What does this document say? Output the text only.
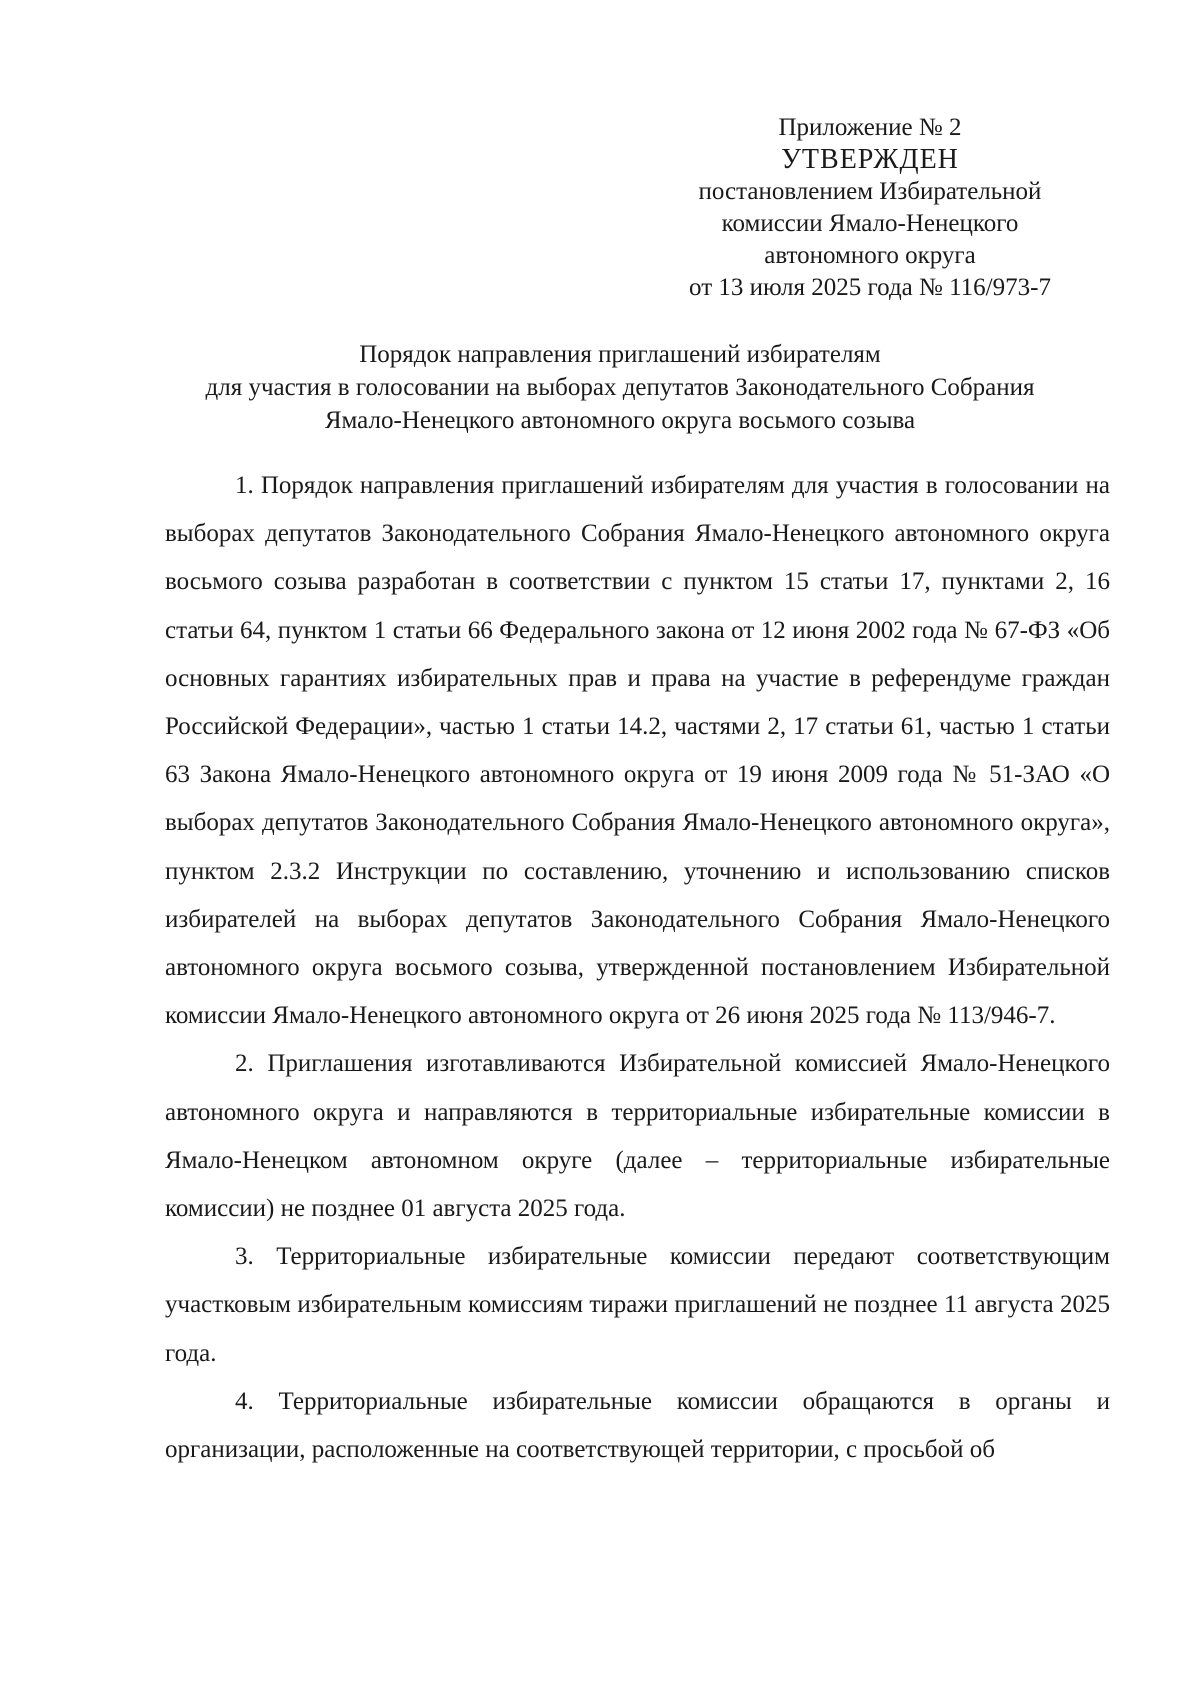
Приложение № 2
УТВЕРЖДЕН
постановлением Избирательной
комиссии Ямало-Ненецкого
автономного округа
от 13 июля 2025 года № 116/973-7
Порядок направления приглашений избирателям
для участия в голосовании на выборах депутатов Законодательного Собрания
Ямало-Ненецкого автономного округа восьмого созыва

1. Порядок направления приглашений избирателям для участия в голосовании на выборах депутатов Законодательного Собрания Ямало-Ненецкого автономного округа восьмого созыва разработан в соответствии с пунктом 15 статьи 17, пунктами 2, 16 статьи 64, пунктом 1 статьи 66 Федерального закона от 12 июня 2002 года № 67-ФЗ «Об основных гарантиях избирательных прав и права на участие в референдуме граждан Российской Федерации», частью 1 статьи 14.2, частями 2, 17 статьи 61, частью 1 статьи 63 Закона Ямало-Ненецкого автономного округа от 19 июня 2009 года № 51-ЗАО «О выборах депутатов Законодательного Собрания Ямало-Ненецкого автономного округа», пунктом 2.3.2 Инструкции по составлению, уточнению и использованию списков избирателей на выборах депутатов Законодательного Собрания Ямало-Ненецкого автономного округа восьмого созыва, утвержденной постановлением Избирательной комиссии Ямало-Ненецкого автономного округа от 26 июня 2025 года № 113/946-7.

2. Приглашения изготавливаются Избирательной комиссией Ямало-Ненецкого автономного округа и направляются в территориальные избирательные комиссии в Ямало-Ненецком автономном округе (далее – территориальные избирательные комиссии) не позднее 01 августа 2025 года.

3. Территориальные избирательные комиссии передают соответствующим участковым избирательным комиссиям тиражи приглашений не позднее 11 августа 2025 года.

4. Территориальные избирательные комиссии обращаются в органы и организации, расположенные на соответствующей территории, с просьбой об
